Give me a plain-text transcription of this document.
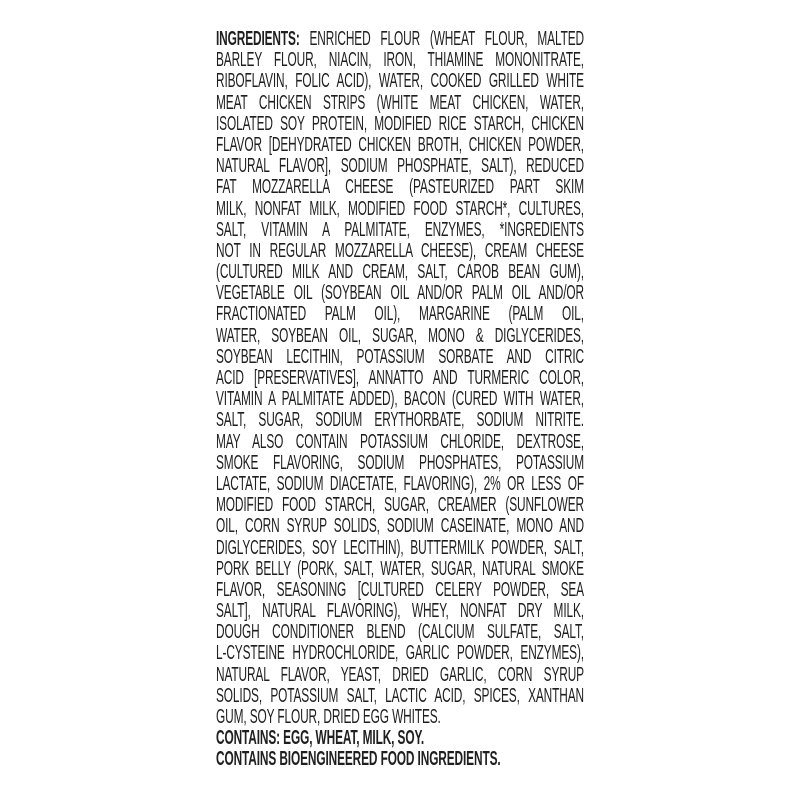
INGREDIENTS: ENRICHED FLOUR (WHEAT FLOUR, MALTED
BARLEY FLOUR, NIACIN, IRON, THIAMINE MONONITRATE,
RIBOFLAVIN, FOLIC ACID), WATER, COOKED GRILLED WHITE
MEAT CHICKEN STRIPS (WHITE MEAT CHICKEN, WATER,
ISOLATED SOY PROTEIN, MODIFIED RICE STARCH, CHICKEN
FLAVOR [DEHYDRATED CHICKEN BROTH, CHICKEN POWDER,
NATURAL FLAVOR], SODIUM PHOSPHATE, SALT), REDUCED
FAT MOZZARELLA CHEESE (PASTEURIZED PART SKIM
MILK, NONFAT MILK, MODIFIED FOOD STARCH*, CULTURES,
SALT, VITAMIN A PALMITATE, ENZYMES, *INGREDIENTS
NOT IN REGULAR MOZZARELLA CHEESE), CREAM CHEESE
(CULTURED MILK AND CREAM, SALT, CAROB BEAN GUM),
VEGETABLE OIL (SOYBEAN OIL AND/OR PALM OIL AND/OR
FRACTIONATED PALM OIL), MARGARINE (PALM OIL,
WATER, SOYBEAN OIL, SUGAR, MONO & DIGLYCERIDES,
SOYBEAN LECITHIN, POTASSIUM SORBATE AND CITRIC
ACID [PRESERVATIVES], ANNATTO AND TURMERIC COLOR,
VITAMIN A PALMITATE ADDED), BACON (CURED WITH WATER,
SALT, SUGAR, SODIUM ERYTHORBATE, SODIUM NITRITE.
MAY ALSO CONTAIN POTASSIUM CHLORIDE, DEXTROSE,
SMOKE FLAVORING, SODIUM PHOSPHATES, POTASSIUM
LACTATE, SODIUM DIACETATE, FLAVORING), 2% OR LESS OF
MODIFIED FOOD STARCH, SUGAR, CREAMER (SUNFLOWER
OIL, CORN SYRUP SOLIDS, SODIUM CASEINATE, MONO AND
DIGLYCERIDES, SOY LECITHIN), BUTTERMILK POWDER, SALT,
PORK BELLY (PORK, SALT, WATER, SUGAR, NATURAL SMOKE
FLAVOR, SEASONING [CULTURED CELERY POWDER, SEA
SALT], NATURAL FLAVORING), WHEY, NONFAT DRY MILK,
DOUGH CONDITIONER BLEND (CALCIUM SULFATE, SALT,
L-CYSTEINE HYDROCHLORIDE, GARLIC POWDER, ENZYMES),
NATURAL FLAVOR, YEAST, DRIED GARLIC, CORN SYRUP
SOLIDS, POTASSIUM SALT, LACTIC ACID, SPICES, XANTHAN
GUM, SOY FLOUR, DRIED EGG WHITES.
CONTAINS: EGG, WHEAT, MILK, SOY.
CONTAINS BIOENGINEERED FOOD INGREDIENTS.
